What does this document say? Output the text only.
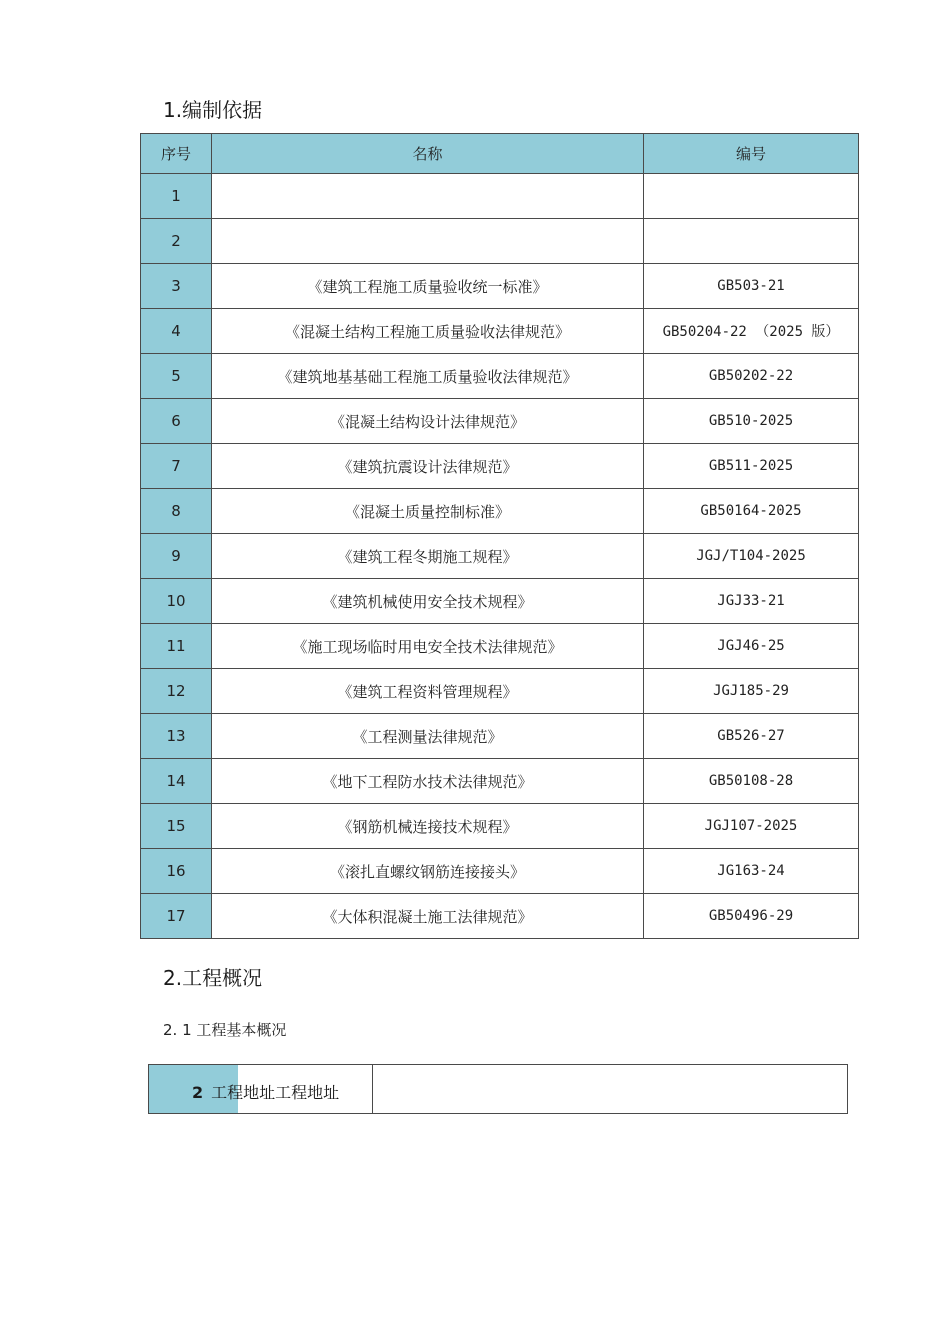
1.编制依据
序号	名称	编号
1		
2		
3	《建筑工程施工质量验收统一标准》	GB503-21
4	《混凝土结构工程施工质量验收法律规范》	GB50204-22 （2025 版）
5	《建筑地基基础工程施工质量验收法律规范》	GB50202-22
6	《混凝土结构设计法律规范》	GB510-2025
7	《建筑抗震设计法律规范》	GB511-2025
8	《混凝土质量控制标准》	GB50164-2025
9	《建筑工程冬期施工规程》	JGJ/T104-2025
10	《建筑机械使用安全技术规程》	JGJ33-21
11	《施工现场临时用电安全技术法律规范》	JGJ46-25
12	《建筑工程资料管理规程》	JGJ185-29
13	《工程测量法律规范》	GB526-27
14	《地下工程防水技术法律规范》	GB50108-28
15	《钢筋机械连接技术规程》	JGJ107-2025
16	《滚扎直螺纹钢筋连接接头》	JG163-24
17	《大体积混凝土施工法律规范》	GB50496-29
2.工程概况
2. 1 工程基本概况
2 工程地址工程地址
